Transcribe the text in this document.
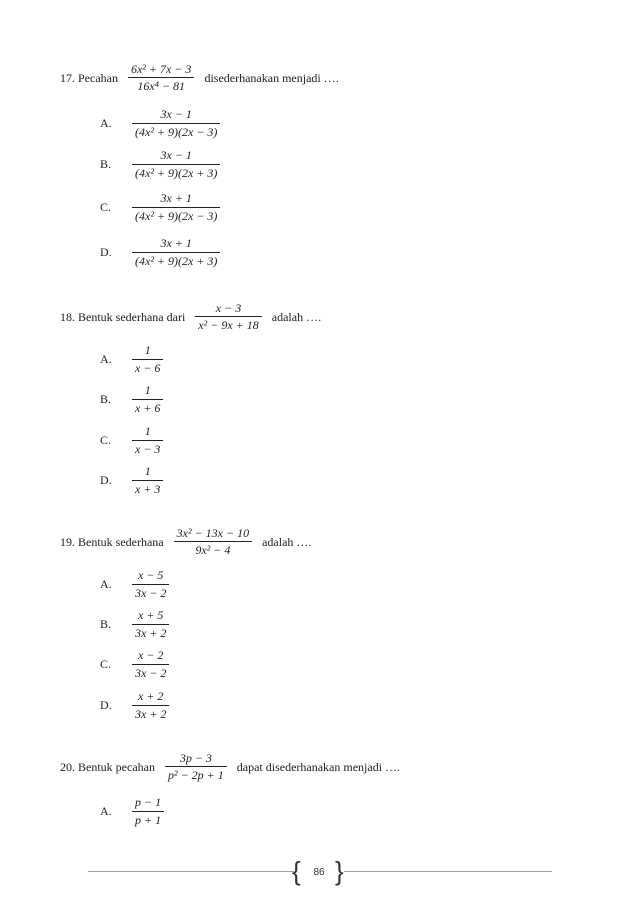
17. Pecahan $\frac{\text{6x² + 7x − 3}}{\text{16x⁴ − 81}}$ disederhanakan menjadi ….
A.	$\frac{3x - 1}{\text{(4x² + 9)(2x − 3)}}$
B.	$\frac{3x - 1}{\text{(4x² + 9)(2x + 3)}}$
C.	$\frac{3x + 1}{\text{(4x² + 9)(2x − 3)}}$
D.	$\frac{3x + 1}{\text{(4x² + 9)(2x + 3)}}$
18. Bentuk sederhana dari $\frac{x - 3}{\text{x² − 9x + 18}}$ adalah ….
A.	$\frac{1}{x - 6}$
B.	$\frac{1}{x + 6}$
C.	$\frac{1}{x - 3}$
D.	$\frac{1}{x + 3}$
19. Bentuk sederhana $\frac{\text{3x² − 13x − 10}}{\text{9x² − 4}}$ adalah ….
A.	$\frac{x - 5}{3x - 2}$
B.	$\frac{x + 5}{3x + 2}$
C.	$\frac{x - 2}{3x - 2}$
D.	$\frac{x + 2}{3x + 2}$
20. Bentuk pecahan $\frac{3p - 3}{\text{p² − 2p + 1}}$ dapat disederhanakan menjadi ….
A.	$\frac{p - 1}{p + 1}$
{ }
86
